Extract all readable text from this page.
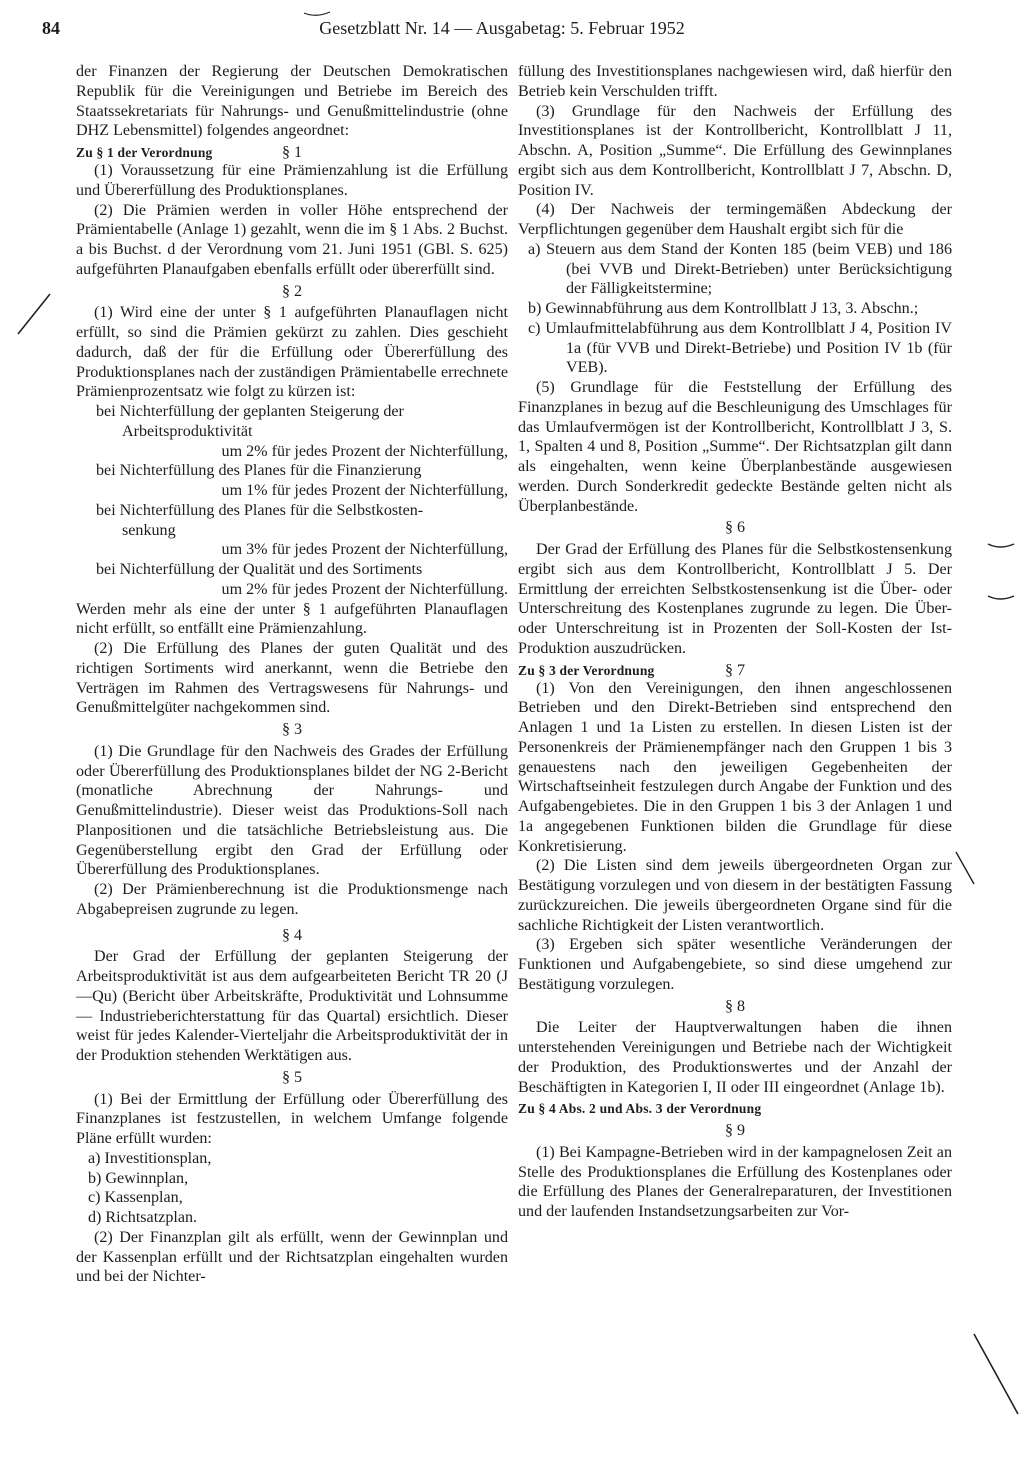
84	Gesetzblatt Nr. 14 — Ausgabetag: 5. Februar 1952

der Finanzen der Regierung der Deutschen Demokratischen Republik für die Vereinigungen und Betriebe im Bereich des Staatssekretariats für Nahrungs- und Genußmittelindustrie (ohne DHZ Lebensmittel) folgendes angeordnet:

Zu § 1 der Verordnung	§ 1

(1) Voraussetzung für eine Prämienzahlung ist die Erfüllung und Übererfüllung des Produktionsplanes.

(2) Die Prämien werden in voller Höhe entsprechend der Prämientabelle (Anlage 1) gezahlt, wenn die im § 1 Abs. 2 Buchst. a bis Buchst. d der Verordnung vom 21. Juni 1951 (GBl. S. 625) aufgeführten Planaufgaben ebenfalls erfüllt oder übererfüllt sind.

§ 2

(1) Wird eine der unter § 1 aufgeführten Planauflagen nicht erfüllt, so sind die Prämien gekürzt zu zahlen. Dies geschieht dadurch, daß der für die Erfüllung oder Übererfüllung des Produktionsplanes nach der zuständigen Prämientabelle errechnete Prämienprozentsatz wie folgt zu kürzen ist:

bei Nichterfüllung der geplanten Steigerung der

Arbeitsproduktivität

um 2% für jedes Prozent der Nichterfüllung,

bei Nichterfüllung des Planes für die Finanzierung

um 1% für jedes Prozent der Nichterfüllung,

bei Nichterfüllung des Planes für die Selbstkosten-

senkung

um 3% für jedes Prozent der Nichterfüllung,

bei Nichterfüllung der Qualität und des Sortiments

um 2% für jedes Prozent der Nichterfüllung.

Werden mehr als eine der unter § 1 aufgeführten Planauflagen nicht erfüllt, so entfällt eine Prämienzahlung.

(2) Die Erfüllung des Planes der guten Qualität und des richtigen Sortiments wird anerkannt, wenn die Betriebe den Verträgen im Rahmen des Vertragswesens für Nahrungs- und Genußmittelgüter nachgekommen sind.

§ 3

(1) Die Grundlage für den Nachweis des Grades der Erfüllung oder Übererfüllung des Produktionsplanes bildet der NG 2-Bericht (monatliche Abrechnung der Nahrungs- und Genußmittelindustrie). Dieser weist das Produktions-Soll nach Planpositionen und die tatsächliche Betriebsleistung aus. Die Gegenüberstellung ergibt den Grad der Erfüllung oder Übererfüllung des Produktionsplanes.

(2) Der Prämienberechnung ist die Produktionsmenge nach Abgabepreisen zugrunde zu legen.

§ 4

Der Grad der Erfüllung der geplanten Steigerung der Arbeitsproduktivität ist aus dem aufgearbeiteten Bericht TR 20 (J—Qu) (Bericht über Arbeitskräfte, Produktivität und Lohnsumme — Industrieberichterstattung für das Quartal) ersichtlich. Dieser weist für jedes Kalender-Vierteljahr die Arbeitsproduktivität der in der Produktion stehenden Werktätigen aus.

§ 5

(1) Bei der Ermittlung der Erfüllung oder Übererfüllung des Finanzplanes ist festzustellen, in welchem Umfange folgende Pläne erfüllt wurden:

a) Investitionsplan,

b) Gewinnplan,

c) Kassenplan,

d) Richtsatzplan.

(2) Der Finanzplan gilt als erfüllt, wenn der Gewinnplan und der Kassenplan erfüllt und der Richtsatzplan eingehalten wurden und bei der Nichter-

füllung des Investitionsplanes nachgewiesen wird, daß hierfür den Betrieb kein Verschulden trifft.

(3) Grundlage für den Nachweis der Erfüllung des Investitionsplanes ist der Kontrollbericht, Kontrollblatt J 11, Abschn. A, Position „Summe“. Die Erfüllung des Gewinnplanes ergibt sich aus dem Kontrollbericht, Kontrollblatt J 7, Abschn. D, Position IV.

(4) Der Nachweis der termingemäßen Abdeckung der Verpflichtungen gegenüber dem Haushalt ergibt sich für die

a) Steuern aus dem Stand der Konten 185 (beim VEB) und 186 (bei VVB und Direkt-Betrieben) unter Berücksichtigung der Fälligkeitstermine;

b) Gewinnabführung aus dem Kontrollblatt J 13, 3. Abschn.;

c) Umlaufmittelabführung aus dem Kontrollblatt J 4, Position IV 1a (für VVB und Direkt-Betriebe) und Position IV 1b (für VEB).

(5) Grundlage für die Feststellung der Erfüllung des Finanzplanes in bezug auf die Beschleunigung des Umschlages für das Umlaufvermögen ist der Kontrollbericht, Kontrollblatt J 3, S. 1, Spalten 4 und 8, Position „Summe“. Der Richtsatzplan gilt dann als eingehalten, wenn keine Überplanbestände ausgewiesen werden. Durch Sonderkredit gedeckte Bestände gelten nicht als Überplanbestände.

§ 6

Der Grad der Erfüllung des Planes für die Selbstkostensenkung ergibt sich aus dem Kontrollbericht, Kontrollblatt J 5. Der Ermittlung der erreichten Selbstkostensenkung ist die Über- oder Unterschreitung des Kostenplanes zugrunde zu legen. Die Über- oder Unterschreitung ist in Prozenten der Soll-Kosten der Ist-Produktion auszudrücken.

Zu § 3 der Verordnung	§ 7

(1) Von den Vereinigungen, den ihnen angeschlossenen Betrieben und den Direkt-Betrieben sind entsprechend den Anlagen 1 und 1a Listen zu erstellen. In diesen Listen ist der Personenkreis der Prämienempfänger nach den Gruppen 1 bis 3 genauestens nach den jeweiligen Gegebenheiten der Wirtschaftseinheit festzulegen durch Angabe der Funktion und des Aufgabengebietes. Die in den Gruppen 1 bis 3 der Anlagen 1 und 1a angegebenen Funktionen bilden die Grundlage für diese Konkretisierung.

(2) Die Listen sind dem jeweils übergeordneten Organ zur Bestätigung vorzulegen und von diesem in der bestätigten Fassung zurückzureichen. Die jeweils übergeordneten Organe sind für die sachliche Richtigkeit der Listen verantwortlich.

(3) Ergeben sich später wesentliche Veränderungen der Funktionen und Aufgabengebiete, so sind diese umgehend zur Bestätigung vorzulegen.

§ 8

Die Leiter der Hauptverwaltungen haben die ihnen unterstehenden Vereinigungen und Betriebe nach der Wichtigkeit der Produktion, des Produktionswertes und der Anzahl der Beschäftigten in Kategorien I, II oder III eingeordnet (Anlage 1b).

Zu § 4 Abs. 2 und Abs. 3 der Verordnung

§ 9

(1) Bei Kampagne-Betrieben wird in der kampagnelosen Zeit an Stelle des Produktionsplanes die Erfüllung des Kostenplanes oder die Erfüllung des Planes der Generalreparaturen, der Investitionen und der laufenden Instandsetzungsarbeiten zur Vor-
